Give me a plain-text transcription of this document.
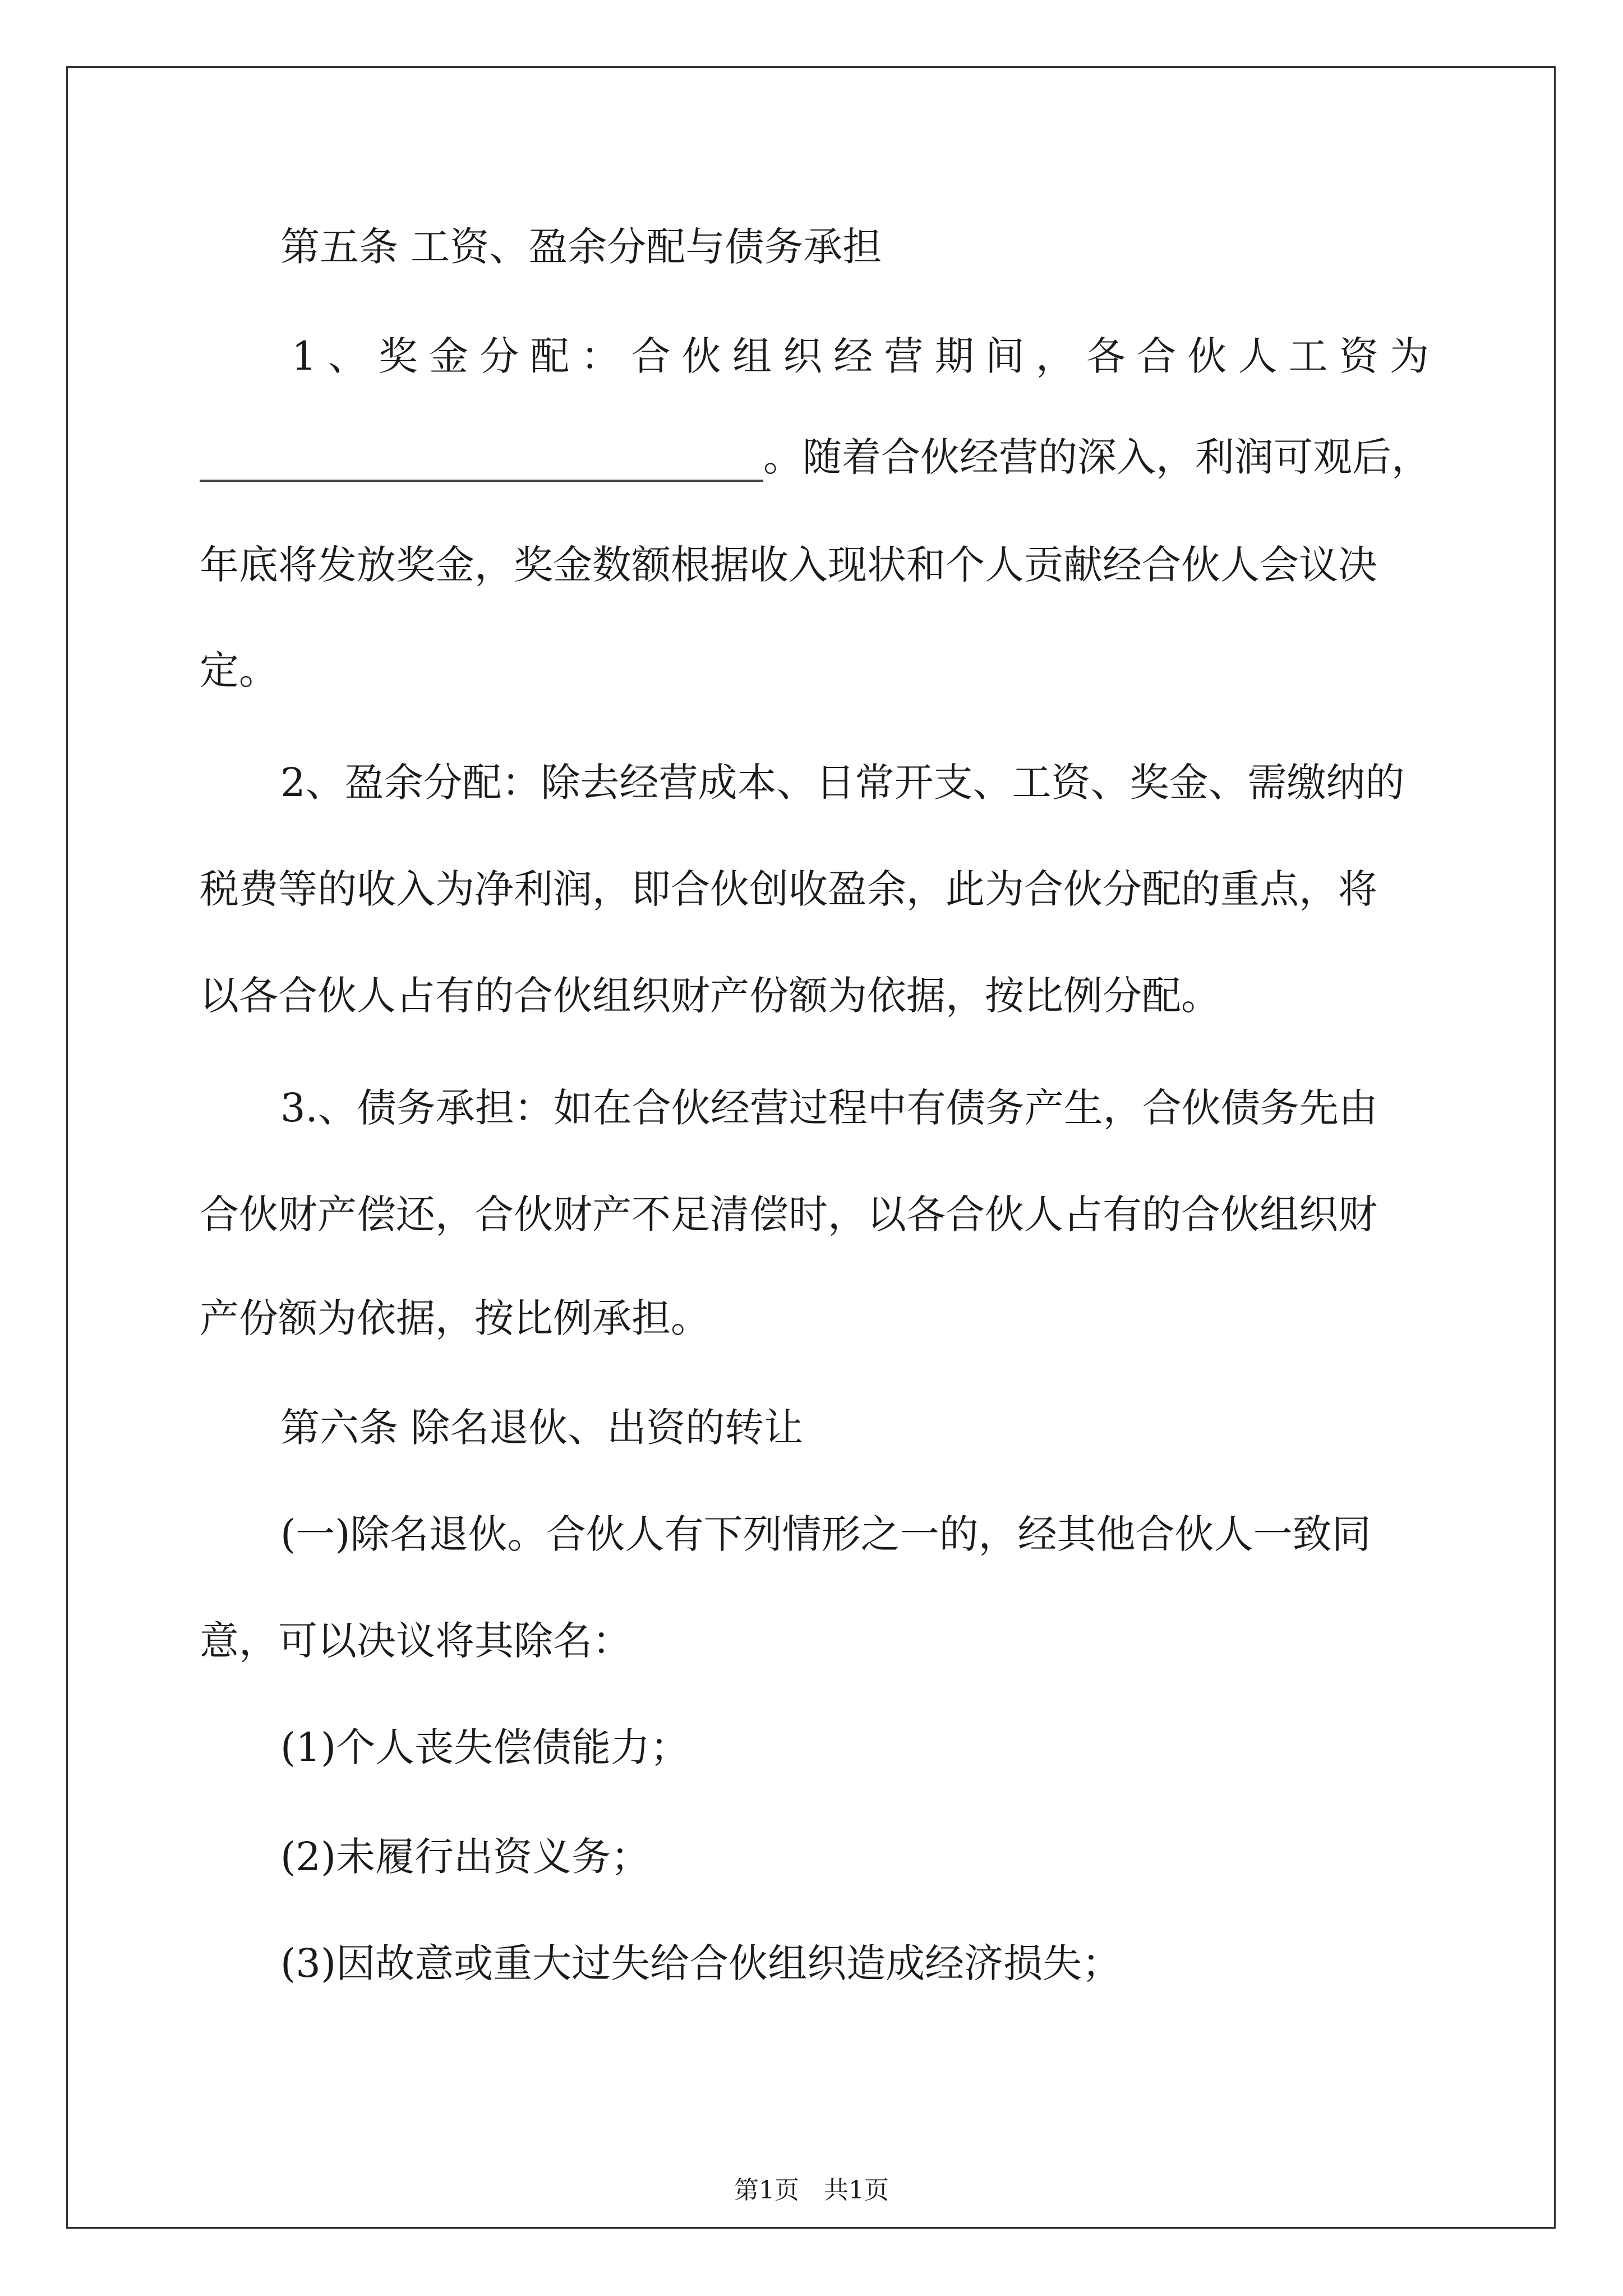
第五条 工资、盈余分配与债务承担
1 、 奖 金 分 配 ： 合 伙 组 织 经 营 期 间 ， 各 合 伙 人 工 资 为
。随着合伙经营的深入，利润可观后，
年底将发放奖金，奖金数额根据收入现状和个人贡献经合伙人会议决
定。
2、盈余分配：除去经营成本、日常开支、工资、奖金、需缴纳的
税费等的收入为净利润，即合伙创收盈余，此为合伙分配的重点，将
以各合伙人占有的合伙组织财产份额为依据，按比例分配。
3.、债务承担：如在合伙经营过程中有债务产生，合伙债务先由
合伙财产偿还，合伙财产不足清偿时，以各合伙人占有的合伙组织财
产份额为依据，按比例承担。
第六条 除名退伙、出资的转让
(一)除名退伙。合伙人有下列情形之一的，经其他合伙人一致同
意，可以决议将其除名：
(1)个人丧失偿债能力；
(2)未履行出资义务；
(3)因故意或重大过失给合伙组织造成经济损失；
第1页　共1页
